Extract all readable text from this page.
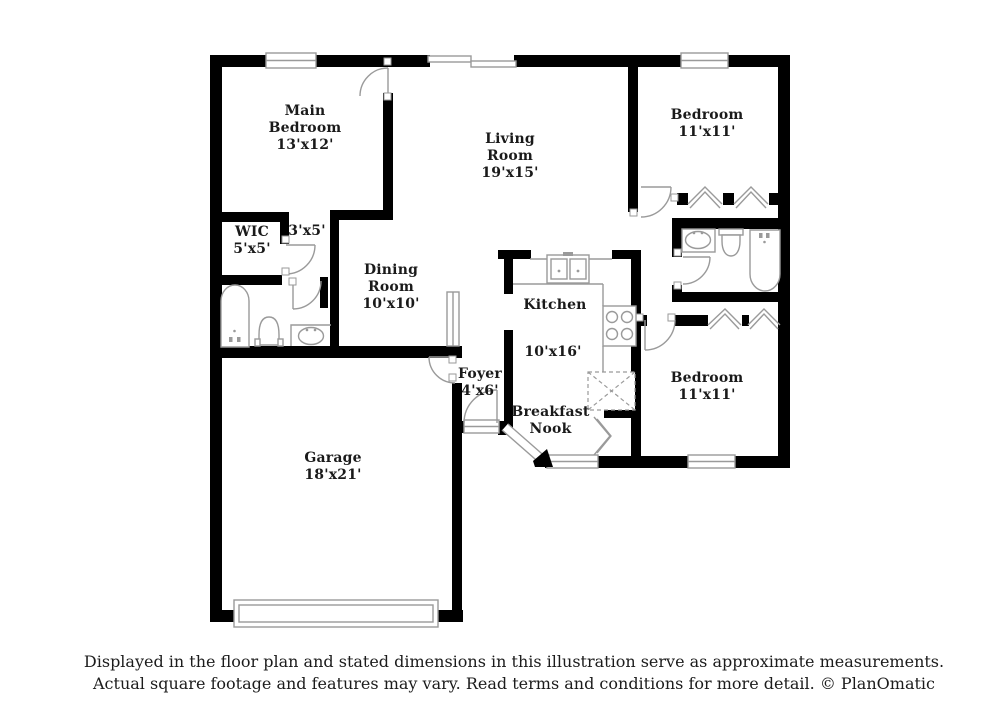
Main Bedroom 13'x12'	Living Room 19'x15'
Bedroom 11'x11'
WIC 5'x5'
3'x5'
Dining Room 10'x10'	Kitchen
10'x16'
Foyer 4'x6'
Breakfast Nook
Bedroom 11'x11'
Garage 18'x21'
Displayed in the floor plan and stated dimensions in this illustration serve as approximate measurements.
Actual square footage and features may vary. Read terms and conditions for more detail. © PlanOmatic
